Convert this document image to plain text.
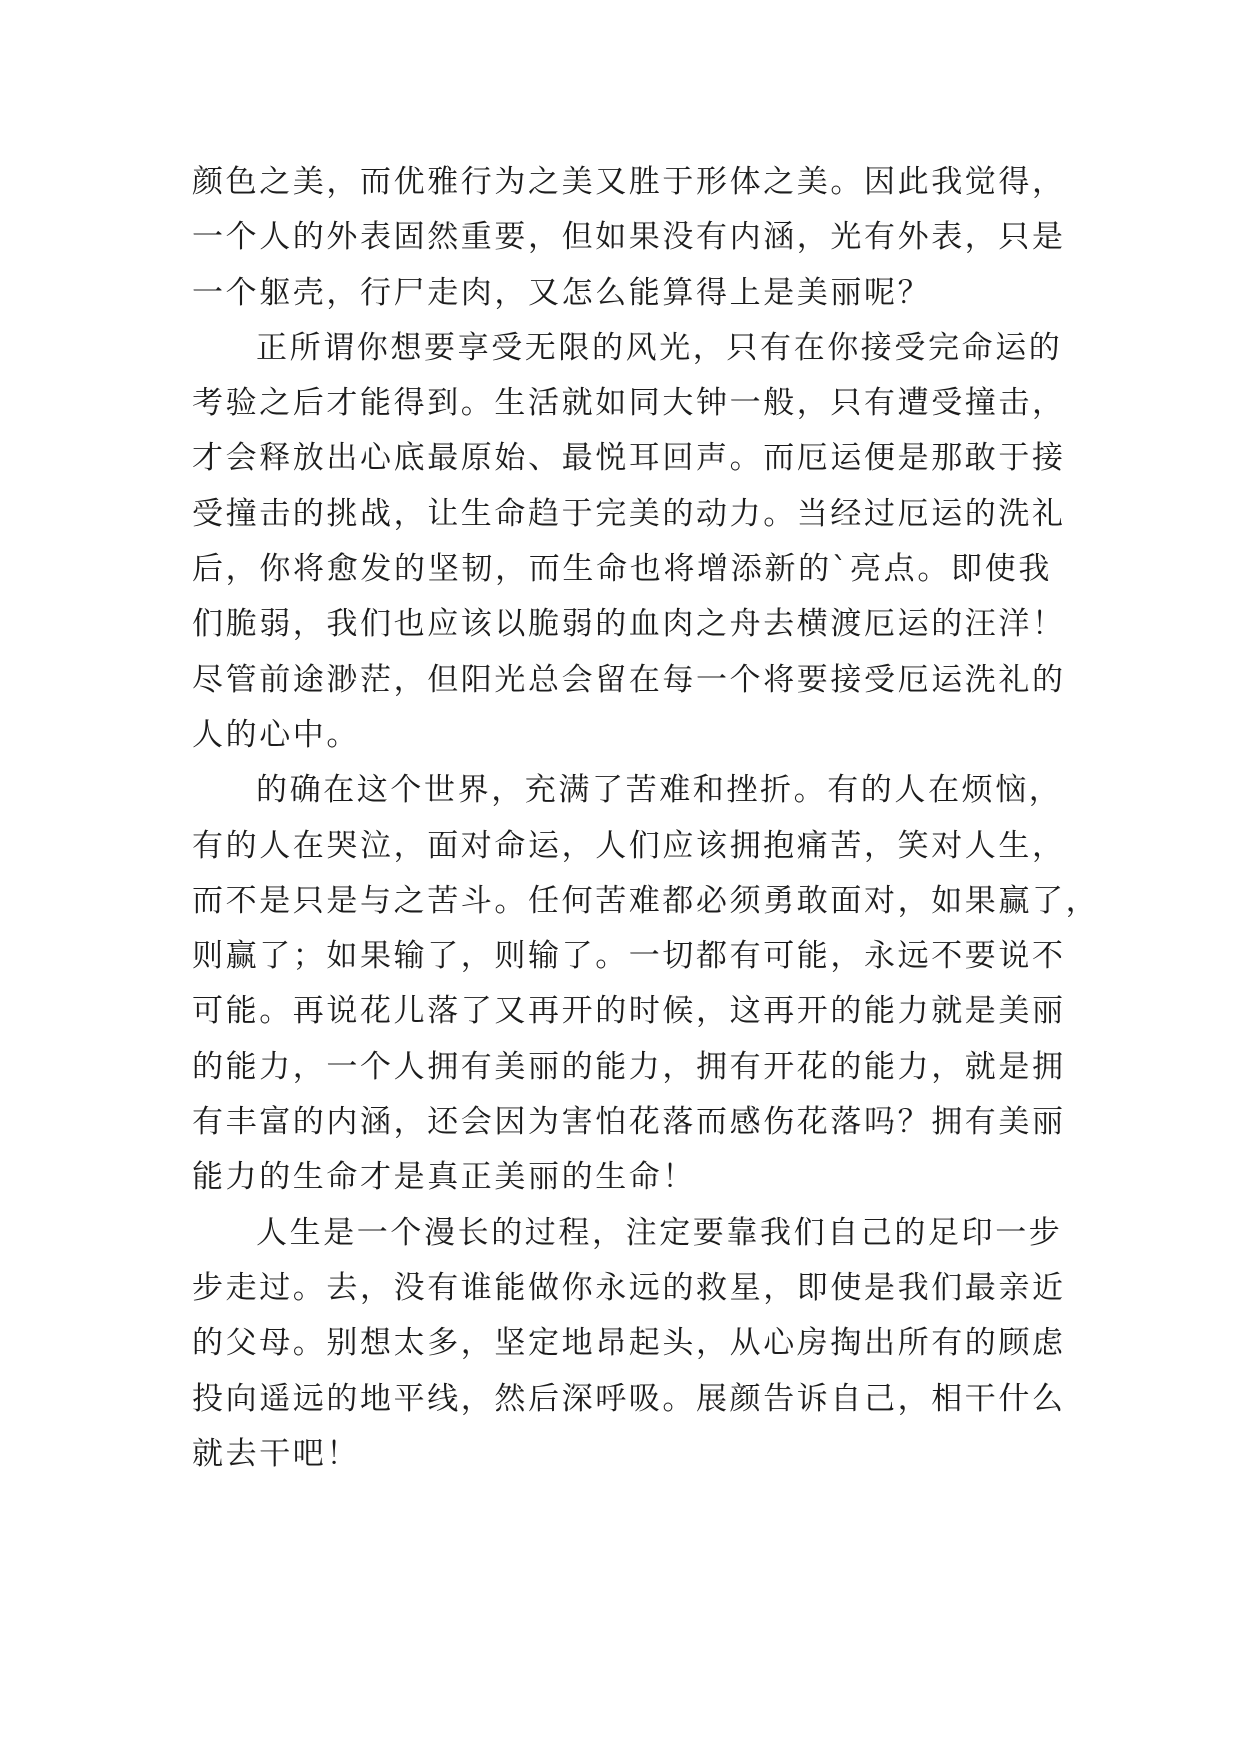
颜色之美，而优雅行为之美又胜于形体之美。因此我觉得，
一个人的外表固然重要，但如果没有内涵，光有外表，只是
一个躯壳，行尸走肉，又怎么能算得上是美丽呢？
正所谓你想要享受无限的风光，只有在你接受完命运的
考验之后才能得到。生活就如同大钟一般，只有遭受撞击，
才会释放出心底最原始、最悦耳回声。而厄运便是那敢于接
受撞击的挑战，让生命趋于完美的动力。当经过厄运的洗礼
后，你将愈发的坚韧，而生命也将增添新的`亮点。即使我
们脆弱，我们也应该以脆弱的血肉之舟去横渡厄运的汪洋！
尽管前途渺茫，但阳光总会留在每一个将要接受厄运洗礼的
人的心中。
的确在这个世界，充满了苦难和挫折。有的人在烦恼，
有的人在哭泣，面对命运，人们应该拥抱痛苦，笑对人生，
而不是只是与之苦斗。任何苦难都必须勇敢面对，如果赢了，
则赢了；如果输了，则输了。一切都有可能，永远不要说不
可能。再说花儿落了又再开的时候，这再开的能力就是美丽
的能力，一个人拥有美丽的能力，拥有开花的能力，就是拥
有丰富的内涵，还会因为害怕花落而感伤花落吗？拥有美丽
能力的生命才是真正美丽的生命！
人生是一个漫长的过程，注定要靠我们自己的足印一步
步走过。去，没有谁能做你永远的救星，即使是我们最亲近
的父母。别想太多，坚定地昂起头，从心房掏出所有的顾虑
投向遥远的地平线，然后深呼吸。展颜告诉自己，相干什么
就去干吧！
